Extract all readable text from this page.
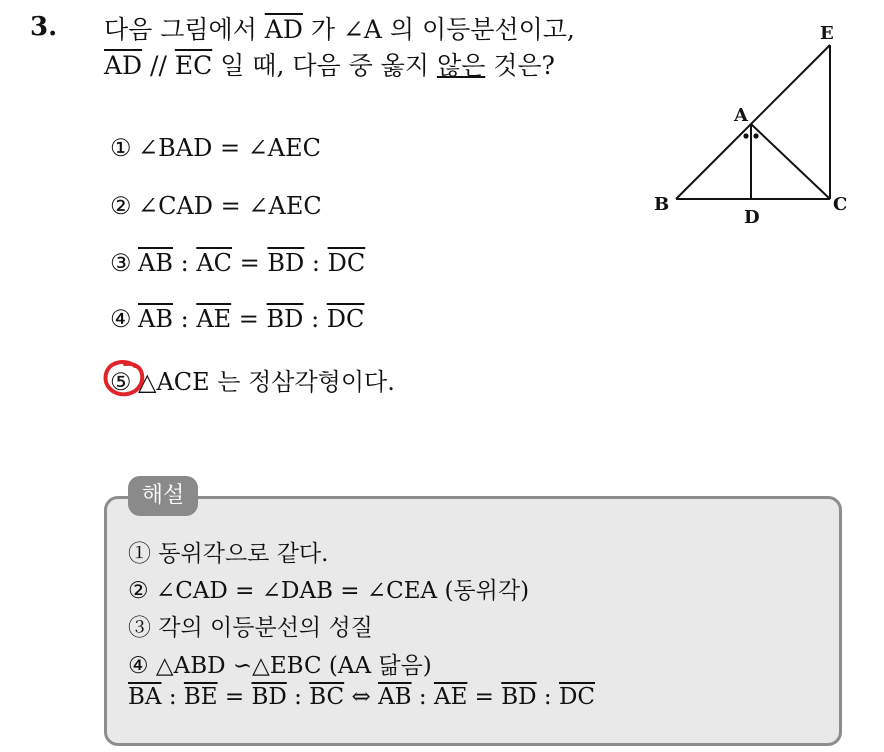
3. 다음 그림에서 $\overline{AD}$ 가 ∠A 의 이등분선이고,
$\overline{AD} // \overline{EC}$ 일 때, 다음 중 옳지 않은 것은?
A
B	C
D
E
① ∠BAD = ∠AEC
② ∠CAD = ∠AEC
③ $\overline{AB}$ : $\overline{AC} = \overline{BD}$ : $\overline{DC}$
④ $\overline{AB}$ : $\overline{AE} = \overline{BD}$ : $\overline{DC}$
⑤ △ACE 는 정삼각형이다.
해설
① 동위각으로 같다.
② ∠CAD = ∠DAB = ∠CEA (동위각)
③ 각의 이등분선의 성질
④ △ABD ∽△EBC (AA 닮음)
$\overline{BA}$ : $\overline{BE} = \overline{BD}$ : $\overline{BC}$ ⇔ $\overline{AB}$ : $\overline{AE} = \overline{BD}$ : $\overline{DC}$
